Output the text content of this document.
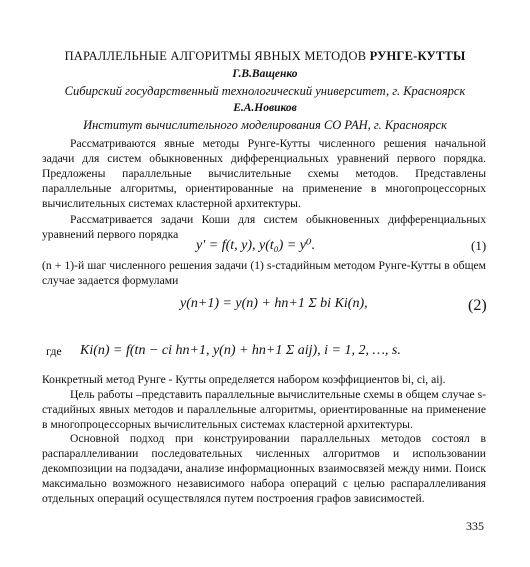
ПАРАЛЛЕЛЬНЫЕ АЛГОРИТМЫ ЯВНЫХ МЕТОДОВ РУНГЕ-КУТТЫ
Г.В.Ващенко
Сибирский государственный технологический университет, г. Красноярск
Е.А.Новиков
Институт вычислительного моделирования СО РАН, г. Красноярск
Рассматриваются явные методы Рунге-Кутты численного решения начальной задачи для систем обыкновенных дифференциальных уравнений первого порядка. Предложены параллельные вычислительные схемы методов. Представлены параллельные алгоритмы, ориентированные на применение в многопроцессорных вычислительных системах кластерной архитектуры.
Рассматривается задачи Коши для систем обыкновенных дифференциальных уравнений первого порядка
y′ = f(t, y), y(t₀) = y⁰.	(1)
(n + 1)-й шаг численного решения задачи (1) s-стадийным методом Рунге-Кутты в общем случае задается формулами
y(n+1) = y(n) + hn+1 Σ bi Ki(n),	(2)
где Ki(n) = f(tn − ci hn+1, y(n) + hn+1 Σ aij), i = 1, 2, …, s.
Конкретный метод Рунге - Кутты определяется набором коэффициентов bi, ci, aij.
Цель работы –представить параллельные вычислительные схемы в общем случае s-стадийных явных методов и параллельные алгоритмы, ориентированные на применение в многопроцессорных вычислительных системах кластерной архитектуры.
Основной подход при конструировании параллельных методов состоял в распараллеливании последовательных численных алгоритмов и использовании декомпозиции на подзадачи, анализе информационных взаимосвязей между ними. Поиск максимально возможного независимого набора операций с целью распараллеливания отдельных операций осуществлялся путем построения графов зависимостей.
335
